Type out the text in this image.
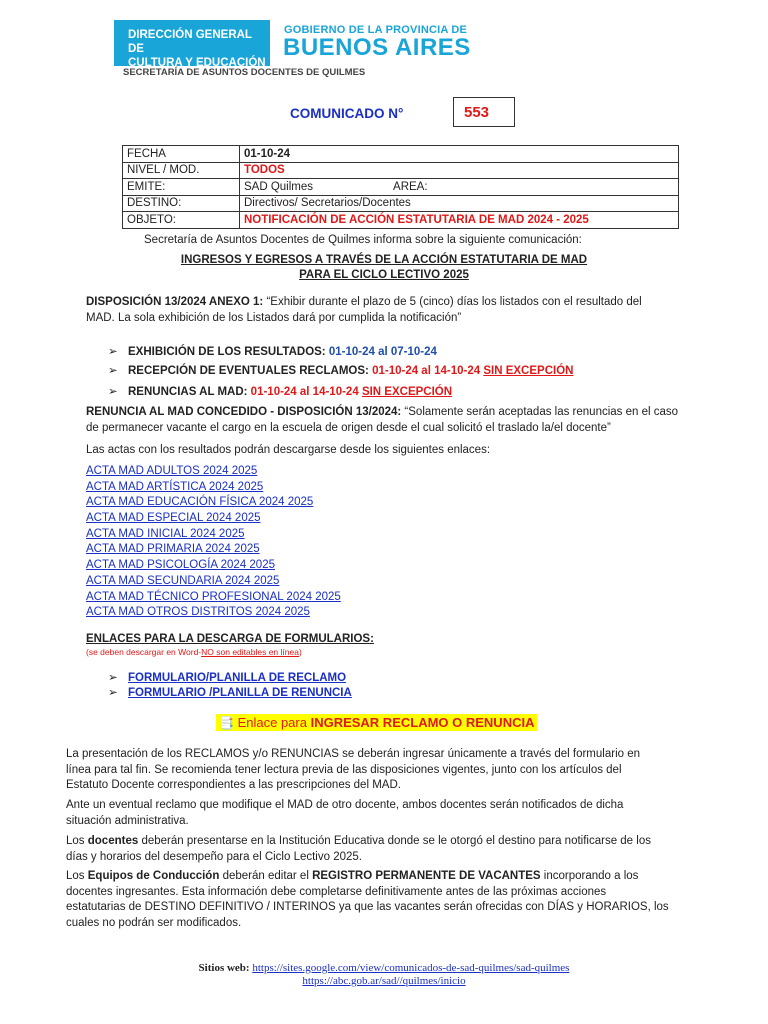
DIRECCIÓN GENERAL DE
CULTURA Y EDUCACIÓN
GOBIERNO DE LA PROVINCIA DE
BUENOS AIRES
SECRETARÍA DE ASUNTOS DOCENTES DE QUILMES
COMUNICADO N°	553
FECHA	01-10-24
NIVEL / MOD.	TODOS
EMITE:	SAD Quilmes AREA:
DESTINO:	Directivos/ Secretarios/Docentes
OBJETO:	NOTIFICACIÓN DE ACCIÓN ESTATUTARIA DE MAD 2024 - 2025
Secretaría de Asuntos Docentes de Quilmes informa sobre la siguiente comunicación:
INGRESOS Y EGRESOS A TRAVÉS DE LA ACCIÓN ESTATUTARIA DE MAD
PARA EL CICLO LECTIVO 2025
DISPOSICIÓN 13/2024 ANEXO 1: “Exhibir durante el plazo de 5 (cinco) días los listados con el resultado del
MAD. La sola exhibición de los Listados dará por cumplida la notificación”
➢ EXHIBICIÓN DE LOS RESULTADOS: 01-10-24 al 07-10-24
➢ RECEPCIÓN DE EVENTUALES RECLAMOS: 01-10-24 al 14-10-24 SIN EXCEPCIÓN
➢ RENUNCIAS AL MAD: 01-10-24 al 14-10-24 SIN EXCEPCIÓN
RENUNCIA AL MAD CONCEDIDO - DISPOSICIÓN 13/2024: “Solamente serán aceptadas las renuncias en el caso
de permanecer vacante el cargo en la escuela de origen desde el cual solicitó el traslado la/el docente”
Las actas con los resultados podrán descargarse desde los siguientes enlaces:
ACTA MAD ADULTOS 2024 2025
ACTA MAD ARTÍSTICA 2024 2025
ACTA MAD EDUCACIÓN FÍSICA 2024 2025
ACTA MAD ESPECIAL 2024 2025
ACTA MAD INICIAL 2024 2025
ACTA MAD PRIMARIA 2024 2025
ACTA MAD PSICOLOGÍA 2024 2025
ACTA MAD SECUNDARIA 2024 2025
ACTA MAD TÉCNICO PROFESIONAL 2024 2025
ACTA MAD OTROS DISTRITOS 2024 2025
ENLACES PARA LA DESCARGA DE FORMULARIOS:
(se deben descargar en Word-NO son editables en línea)
➢ FORMULARIO/PLANILLA DE RECLAMO
➢ FORMULARIO /PLANILLA DE RENUNCIA
📑 Enlace para INGRESAR RECLAMO O RENUNCIA
La presentación de los RECLAMOS y/o RENUNCIAS se deberán ingresar únicamente a través del formulario en
línea para tal fin. Se recomienda tener lectura previa de las disposiciones vigentes, junto con los artículos del
Estatuto Docente correspondientes a las prescripciones del MAD.
Ante un eventual reclamo que modifique el MAD de otro docente, ambos docentes serán notificados de dicha
situación administrativa.
Los docentes deberán presentarse en la Institución Educativa donde se le otorgó el destino para notificarse de los
días y horarios del desempeño para el Ciclo Lectivo 2025.
Los Equipos de Conducción deberán editar el REGISTRO PERMANENTE DE VACANTES incorporando a los
docentes ingresantes. Esta información debe completarse definitivamente antes de las próximas acciones
estatutarias de DESTINO DEFINITIVO / INTERINOS ya que las vacantes serán ofrecidas con DÍAS y HORARIOS, los
cuales no podrán ser modificados.
Sitios web: https://sites.google.com/view/comunicados-de-sad-quilmes/sad-quilmes
https://abc.gob.ar/sad//quilmes/inicio
